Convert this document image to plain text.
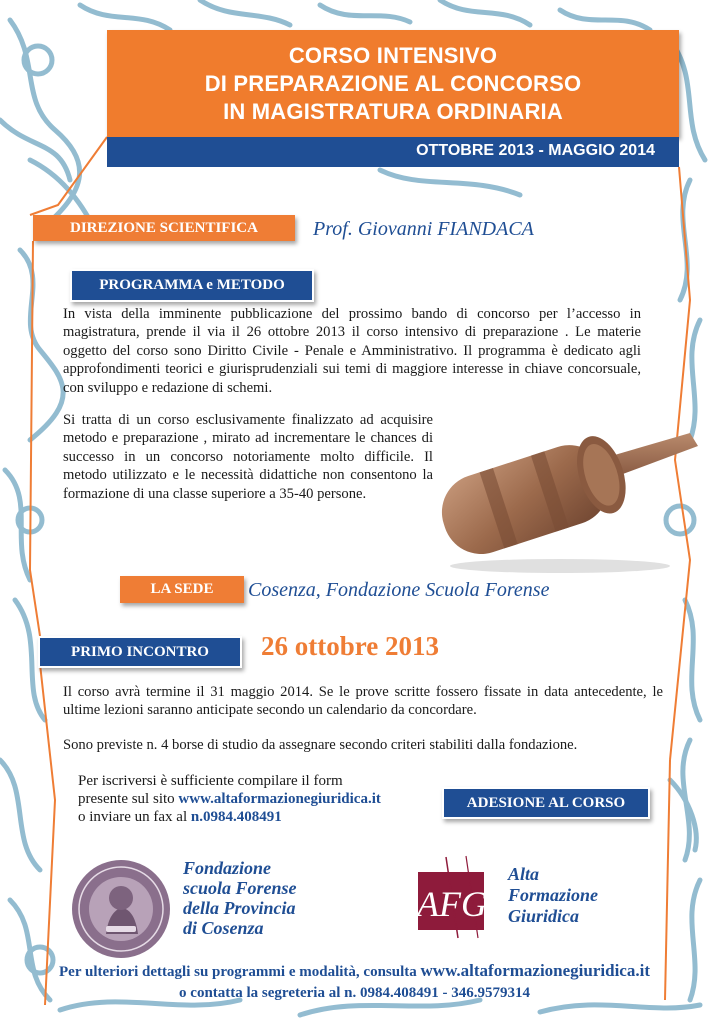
CORSO INTENSIVO
DI PREPARAZIONE AL CONCORSO
IN MAGISTRATURA ORDINARIA
OTTOBRE 2013 - MAGGIO 2014
DIREZIONE SCIENTIFICA	Prof. Giovanni FIANDACA
PROGRAMMA e METODO
In vista della imminente pubblicazione del prossimo bando di concorso per l’accesso in magistratura, prende il via il 26 ottobre 2013 il corso intensivo di preparazione . Le materie oggetto del corso sono Diritto Civile - Penale e Amministrativo. Il programma è dedicato agli approfondimenti teorici e giurisprudenziali sui temi di maggiore interesse in chiave concorsuale, con sviluppo e redazione di schemi.
Si tratta di un corso esclusivamente finalizzato ad acquisire metodo e preparazione , mirato ad incrementare le chances di successo in un concorso notoriamente molto difficile. Il metodo utilizzato e le necessità didattiche non consentono la formazione di una classe superiore a 35-40 persone.
LA SEDE	Cosenza, Fondazione Scuola Forense
PRIMO INCONTRO	26 ottobre 2013
Il corso avrà termine il 31 maggio 2014. Se le prove scritte fossero fissate in data antecedente, le ultime lezioni saranno anticipate secondo un calendario da concordare.
Sono previste n. 4 borse di studio da assegnare secondo criteri stabiliti dalla fondazione.
Per iscriversi è sufficiente compilare il form
presente sul sito www.altaformazionegiuridica.it
o inviare un fax al n.0984.408491
ADESIONE AL CORSO
Fondazione
scuola Forense
della Provincia
di Cosenza
AFG
Alta
Formazione
Giuridica
Per ulteriori dettagli su programmi e modalità, consulta www.altaformazionegiuridica.it
o contatta la segreteria al n. 0984.408491 - 346.9579314
